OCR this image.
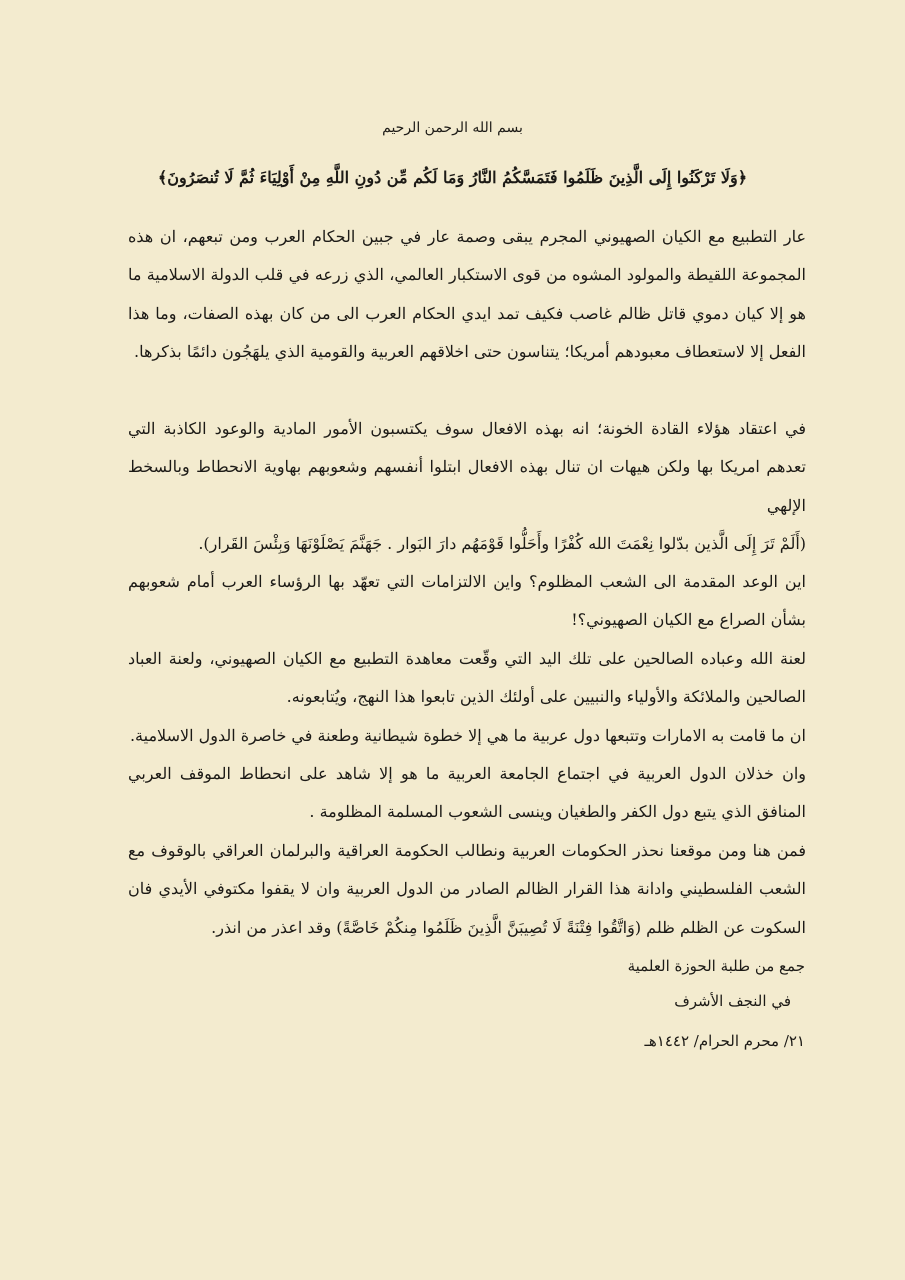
بسم الله الرحمن الرحيم
﴿وَلَا تَرْكَنُوا إِلَى الَّذِينَ ظَلَمُوا فَتَمَسَّكُمُ النَّارُ وَمَا لَكُم مِّن دُونِ اللَّهِ مِنْ أَوْلِيَاءَ ثُمَّ لَا تُنصَرُونَ﴾

عار التطبيع مع الكيان الصهيوني المجرم يبقى وصمة عار في جبين الحكام العرب ومن تبعهم، ان هذه المجموعة اللقيطة والمولود المشوه من قوى الاستكبار العالمي، الذي زرعه في قلب الدولة الاسلامية ما هو إلا كيان دموي قاتل ظالم غاصب فكيف تمد ايدي الحكام العرب الى من كان بهذه الصفات، وما هذا الفعل إلا لاستعطاف معبودهم أمريكا؛ يتناسون حتى اخلاقهم العربية والقومية الذي يلهَجُون دائمًا بذكرها.

في اعتقاد هؤلاء القادة الخونة؛ انه بهذه الافعال سوف يكتسبون الأمور المادية والوعود الكاذبة التي تعدهم امريكا بها ولكن هيهات ان تنال بهذه الافعال ابتلوا أنفسهم وشعوبهم بهاوية الانحطاط وبالسخط الإلهي

(أَلَمْ تَرَ إِلَى الَّذين بدّلوا نِعْمَتَ الله كُفْرًا وأَحَلُّوا قَوْمَهُم دارَ البَوار . جَهَنَّمَ يَصْلَوْنَهَا وَبِئْسَ القَرار).

اين الوعد المقدمة الى الشعب المظلوم؟ واين الالتزامات التي تعهّد بها الرؤساء العرب أمام شعوبهم بشأن الصراع مع الكيان الصهيوني؟!

لعنة الله وعباده الصالحين على تلك اليد التي وقّعت معاهدة التطبيع مع الكيان الصهيوني، ولعنة العباد الصالحين والملائكة والأولياء والنبيين على أولئك الذين تابعوا هذا النهج، ويُتابعونه.

ان ما قامت به الامارات وتتبعها دول عربية ما هي إلا خطوة شيطانية وطعنة في خاصرة الدول الاسلامية.

وان خذلان الدول العربية في اجتماع الجامعة العربية ما هو إلا شاهد على انحطاط الموقف العربي المنافق الذي يتبع دول الكفر والطغيان وينسى الشعوب المسلمة المظلومة .

فمن هنا ومن موقعنا نحذر الحكومات العربية ونطالب الحكومة العراقية والبرلمان العراقي بالوقوف مع الشعب الفلسطيني وادانة هذا القرار الظالم الصادر من الدول العربية وان لا يقفوا مكتوفي الأيدي فان السكوت عن الظلم ظلم (وَاتَّقُوا فِتْنَةً لَا تُصِيبَنَّ الَّذِينَ ظَلَمُوا مِنكُمْ خَاصَّةً) وقد اعذر من انذر.

جمع من طلبة الحوزة العلمية
في النجف الأشرف
٢١/ محرم الحرام/ ١٤٤٢هـ
